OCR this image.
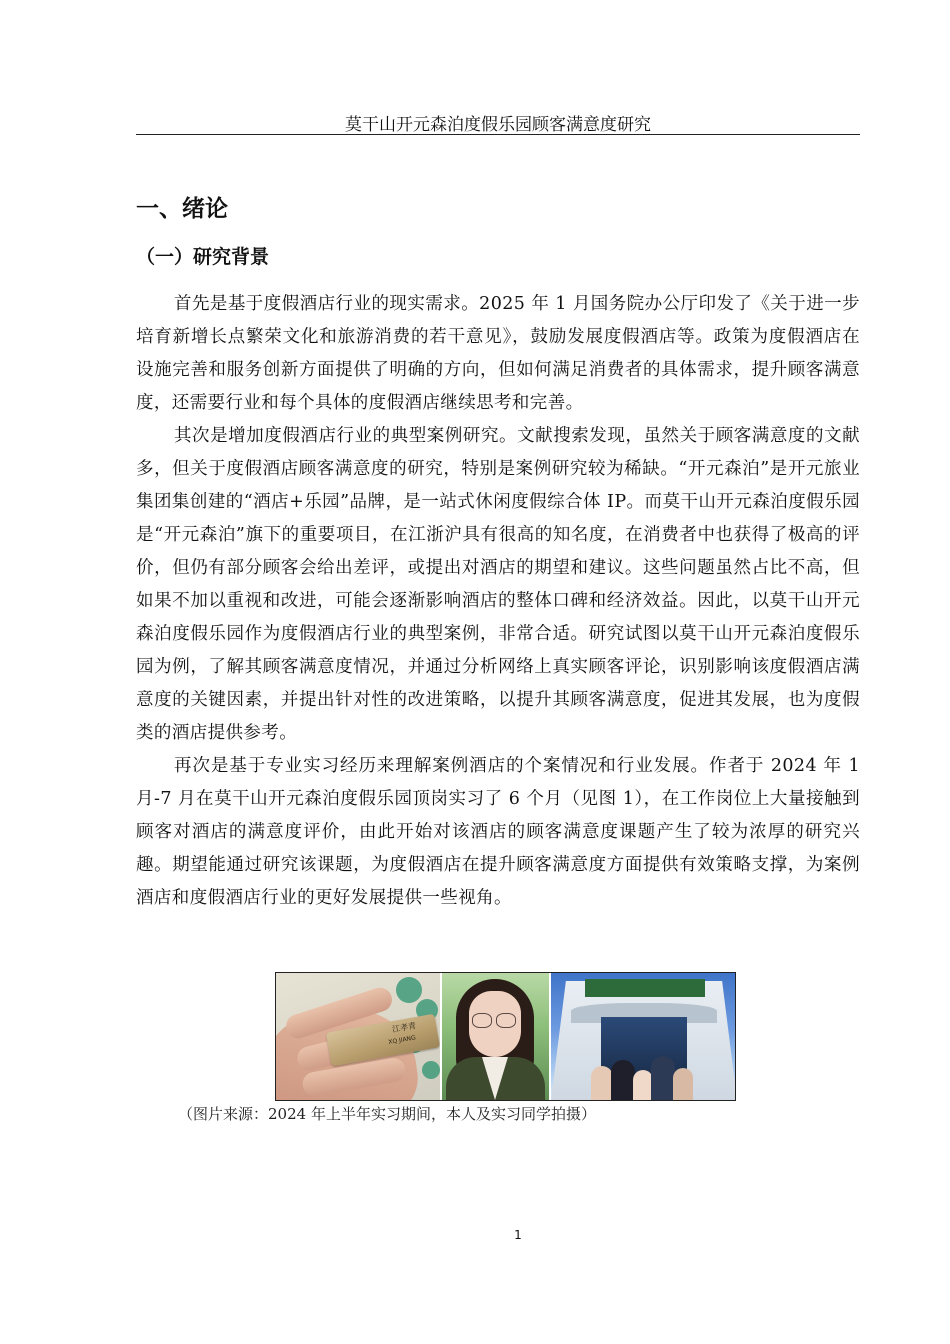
莫干山开元森泊度假乐园顾客满意度研究
一、绪论
（一）研究背景

首先是基于度假酒店行业的现实需求。2025 年 1 月国务院办公厅印发了《关于进一步培育新增长点繁荣文化和旅游消费的若干意见》，鼓励发展度假酒店等。政策为度假酒店在设施完善和服务创新方面提供了明确的方向，但如何满足消费者的具体需求，提升顾客满意度，还需要行业和每个具体的度假酒店继续思考和完善。

其次是增加度假酒店行业的典型案例研究。文献搜索发现，虽然关于顾客满意度的文献多，但关于度假酒店顾客满意度的研究，特别是案例研究较为稀缺。“开元森泊”是开元旅业集团集创建的“酒店+乐园”品牌，是一站式休闲度假综合体 IP。而莫干山开元森泊度假乐园是“开元森泊”旗下的重要项目，在江浙沪具有很高的知名度，在消费者中也获得了极高的评价，但仍有部分顾客会给出差评，或提出对酒店的期望和建议。这些问题虽然占比不高，但如果不加以重视和改进，可能会逐渐影响酒店的整体口碑和经济效益。因此，以莫干山开元森泊度假乐园作为度假酒店行业的典型案例，非常合适。研究试图以莫干山开元森泊度假乐园为例，了解其顾客满意度情况，并通过分析网络上真实顾客评论，识别影响该度假酒店满意度的关键因素，并提出针对性的改进策略，以提升其顾客满意度，促进其发展，也为度假类的酒店提供参考。

再次是基于专业实习经历来理解案例酒店的个案情况和行业发展。作者于 2024 年 1 月-7 月在莫干山开元森泊度假乐园顶岗实习了 6 个月（见图 1），在工作岗位上大量接触到顾客对酒店的满意度评价，由此开始对该酒店的顾客满意度课题产生了较为浓厚的研究兴趣。期望能通过研究该课题，为度假酒店在提升顾客满意度方面提供有效策略支撑，为案例酒店和度假酒店行业的更好发展提供一些视角。

江孝青
XQ JIANG
（图片来源：2024 年上半年实习期间，本人及实习同学拍摄）
1
